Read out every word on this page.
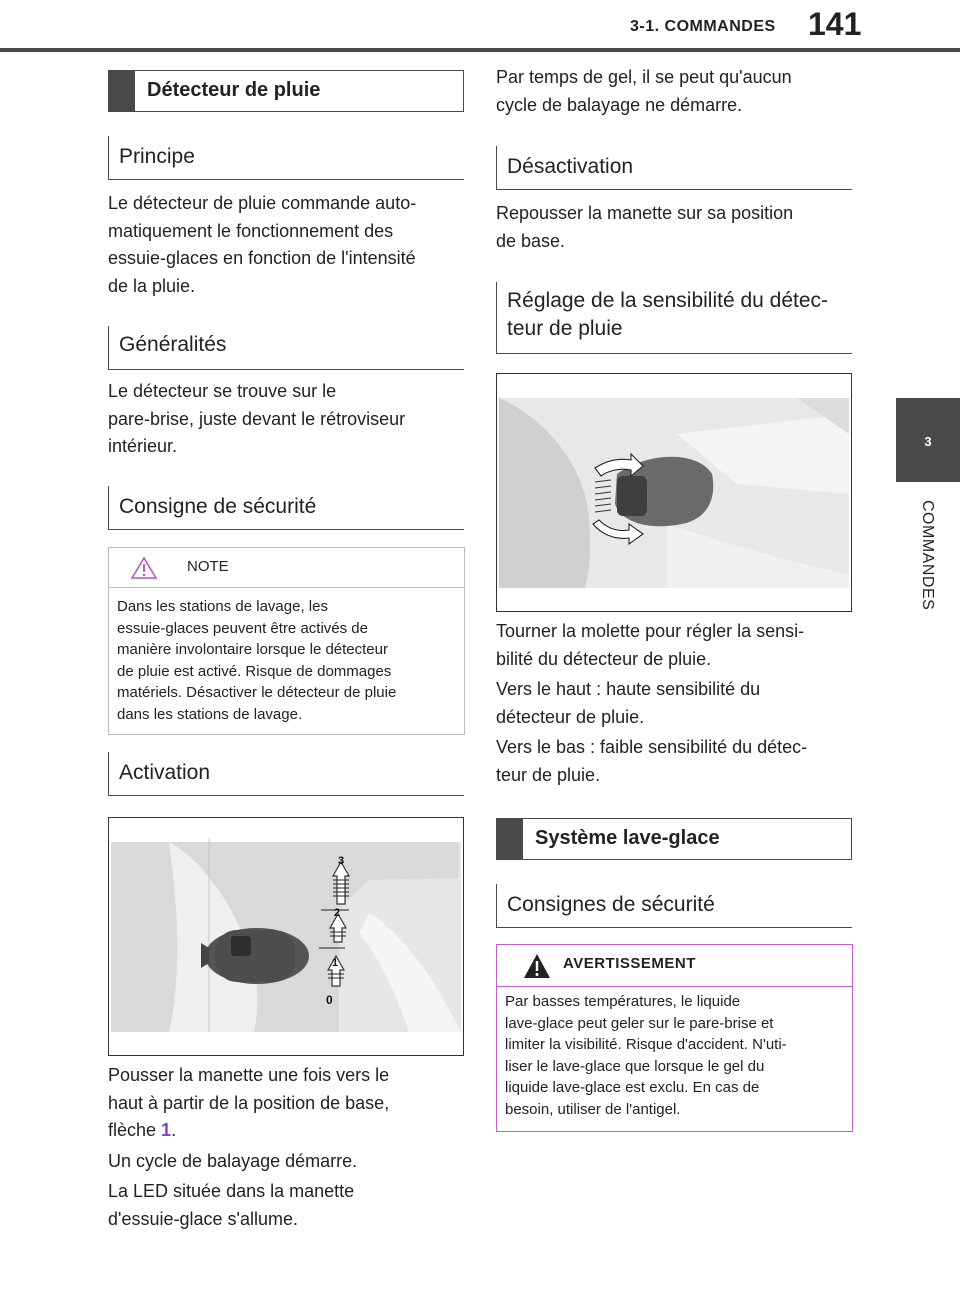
3-1. COMMANDES 141
3
COMMANDES
Détecteur de pluie
Principe
Le détecteur de pluie commande auto-
matiquement le fonctionnement des
essuie-glaces en fonction de l'intensité
de la pluie.
Généralités
Le détecteur se trouve sur le
pare-brise, juste devant le rétroviseur
intérieur.
Consigne de sécurité
NOTE
Dans les stations de lavage, les
essuie-glaces peuvent être activés de
manière involontaire lorsque le détecteur
de pluie est activé. Risque de dommages
matériels. Désactiver le détecteur de pluie
dans les stations de lavage.
Activation
3
2
1
0
Pousser la manette une fois vers le
haut à partir de la position de base,
flèche 1.
Un cycle de balayage démarre.
La LED située dans la manette
d'essuie-glace s'allume.
Par temps de gel, il se peut qu'aucun
cycle de balayage ne démarre.
Désactivation
Repousser la manette sur sa position
de base.
Réglage de la sensibilité du détec-
teur de pluie
Tourner la molette pour régler la sensi-
bilité du détecteur de pluie.
Vers le haut : haute sensibilité du
détecteur de pluie.
Vers le bas : faible sensibilité du détec-
teur de pluie.
Système lave-glace
Consignes de sécurité
AVERTISSEMENT
Par basses températures, le liquide
lave-glace peut geler sur le pare-brise et
limiter la visibilité. Risque d'accident. N'uti-
liser le lave-glace que lorsque le gel du
liquide lave-glace est exclu. En cas de
besoin, utiliser de l'antigel.
